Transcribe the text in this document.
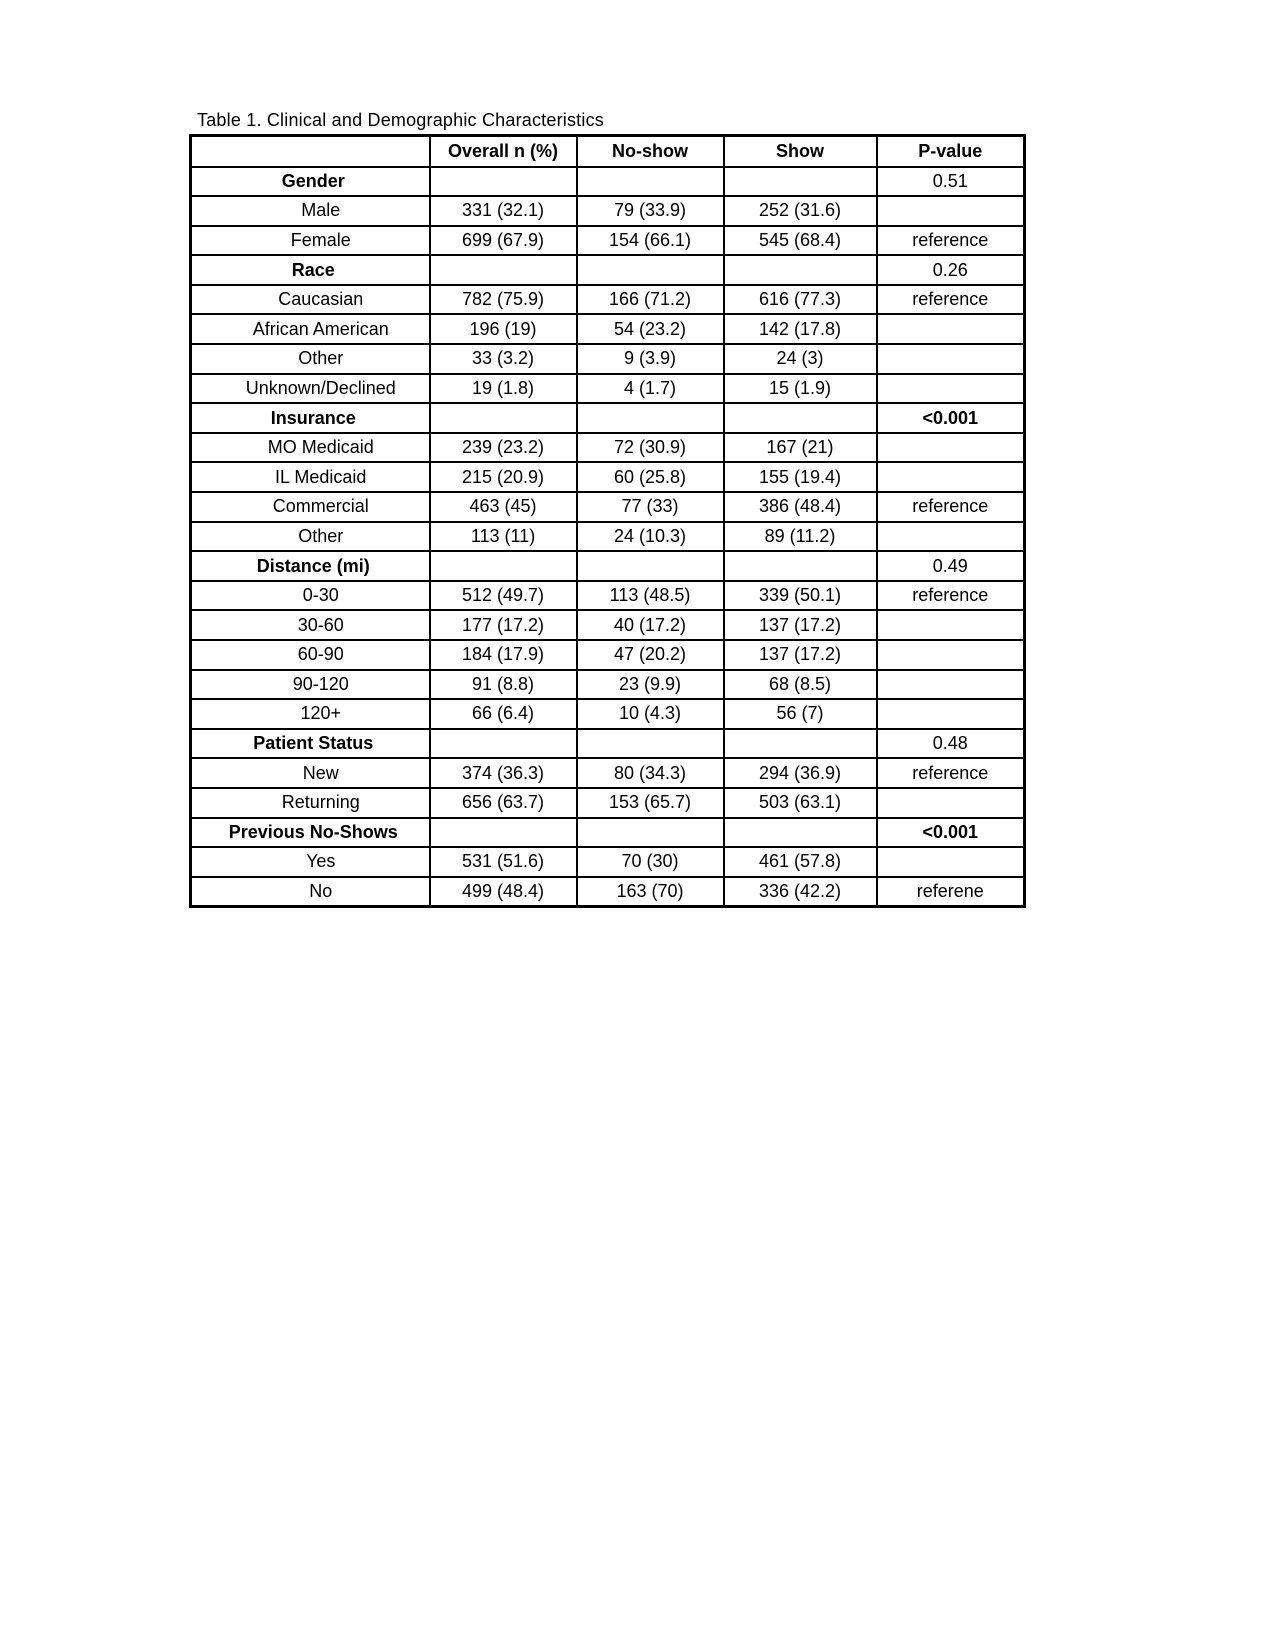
Table 1. Clinical and Demographic Characteristics
	Overall n (%)	No-show	Show	P-value
Gender				0.51
Male	331 (32.1)	79 (33.9)	252 (31.6)	
Female	699 (67.9)	154 (66.1)	545 (68.4)	reference
Race				0.26
Caucasian	782 (75.9)	166 (71.2)	616 (77.3)	reference
African American	196 (19)	54 (23.2)	142 (17.8)	
Other	33 (3.2)	9 (3.9)	24 (3)	
Unknown/Declined	19 (1.8)	4 (1.7)	15 (1.9)	
Insurance				<0.001
MO Medicaid	239 (23.2)	72 (30.9)	167 (21)	
IL Medicaid	215 (20.9)	60 (25.8)	155 (19.4)	
Commercial	463 (45)	77 (33)	386 (48.4)	reference
Other	113 (11)	24 (10.3)	89 (11.2)	
Distance (mi)				0.49
0-30	512 (49.7)	113 (48.5)	339 (50.1)	reference
30-60	177 (17.2)	40 (17.2)	137 (17.2)	
60-90	184 (17.9)	47 (20.2)	137 (17.2)	
90-120	91 (8.8)	23 (9.9)	68 (8.5)	
120+	66 (6.4)	10 (4.3)	56 (7)	
Patient Status				0.48
New	374 (36.3)	80 (34.3)	294 (36.9)	reference
Returning	656 (63.7)	153 (65.7)	503 (63.1)	
Previous No-Shows				<0.001
Yes	531 (51.6)	70 (30)	461 (57.8)	
No	499 (48.4)	163 (70)	336 (42.2)	referene
